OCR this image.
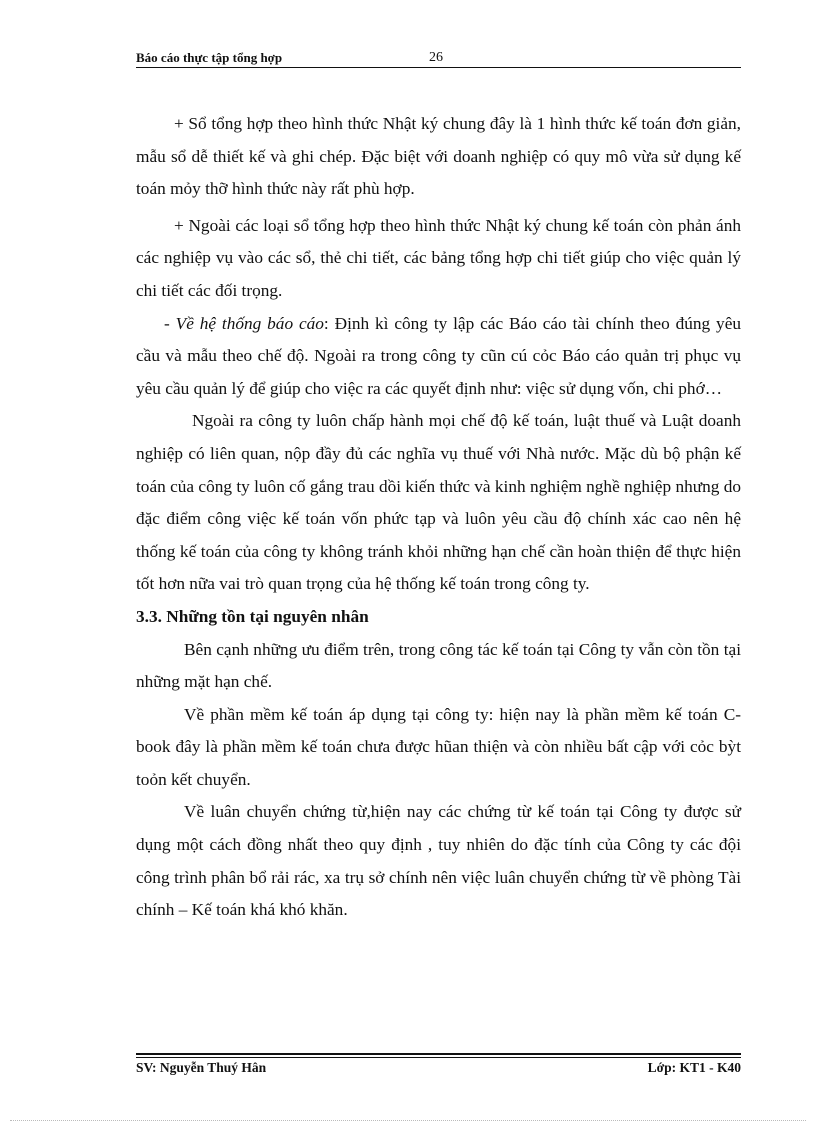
Báo cáo thực tập tổng hợp	26

+ Sổ tổng hợp theo hình thức Nhật ký chung đây là 1 hình thức kế toán đơn giản, mẫu sổ dễ thiết kế và ghi chép. Đặc biệt với doanh nghiệp có quy mô vừa sử dụng kế toán mỏy thỡ hình thức này rất phù hợp.

+ Ngoài các loại sổ tổng hợp theo hình thức Nhật ký chung kế toán còn phản ánh các nghiệp vụ vào các sổ, thẻ chi tiết, các bảng tổng hợp chi tiết giúp cho việc quản lý chi tiết các đối trọng.

- Về hệ thống báo cáo: Định kì công ty lập các Báo cáo tài chính theo đúng yêu cầu và mẫu theo chế độ. Ngoài ra trong công ty cũn cú cỏc Báo cáo quản trị phục vụ yêu cầu quản lý để giúp cho việc ra các quyết định như: việc sử dụng vốn, chi phớ…

Ngoài ra công ty luôn chấp hành mọi chế độ kế toán, luật thuế và Luật doanh nghiệp có liên quan, nộp đầy đủ các nghĩa vụ thuế với Nhà nước. Mặc dù bộ phận kế toán của công ty luôn cố gắng trau dồi kiến thức và kinh nghiệm nghề nghiệp nhưng do đặc điểm công việc kế toán vốn phức tạp và luôn yêu cầu độ chính xác cao nên hệ thống kế toán của công ty không tránh khỏi những hạn chế cần hoàn thiện để thực hiện tốt hơn nữa vai trò quan trọng của hệ thống kế toán trong công ty.

3.3. Những tồn tại nguyên nhân

Bên cạnh những ưu điểm trên, trong công tác kế toán tại Công ty vẫn còn tồn tại những mặt hạn chế.

Về phần mềm kế toán áp dụng tại công ty: hiện nay là phần mềm kế toán C-book đây là phần mềm kế toán chưa được hũan thiện và còn nhiều bất cập với cỏc bỳt toỏn kết chuyển.

Về luân chuyển chứng từ,hiện nay các chứng từ kế toán tại Công ty được sử dụng một cách đồng nhất theo quy định , tuy nhiên do đặc tính của Công ty các đội công trình phân bổ rải rác, xa trụ sở chính nên việc luân chuyển chứng từ về phòng Tài chính – Kế toán khá khó khăn.

SV: Nguyễn Thuý Hân	Lớp: KT1 - K40
